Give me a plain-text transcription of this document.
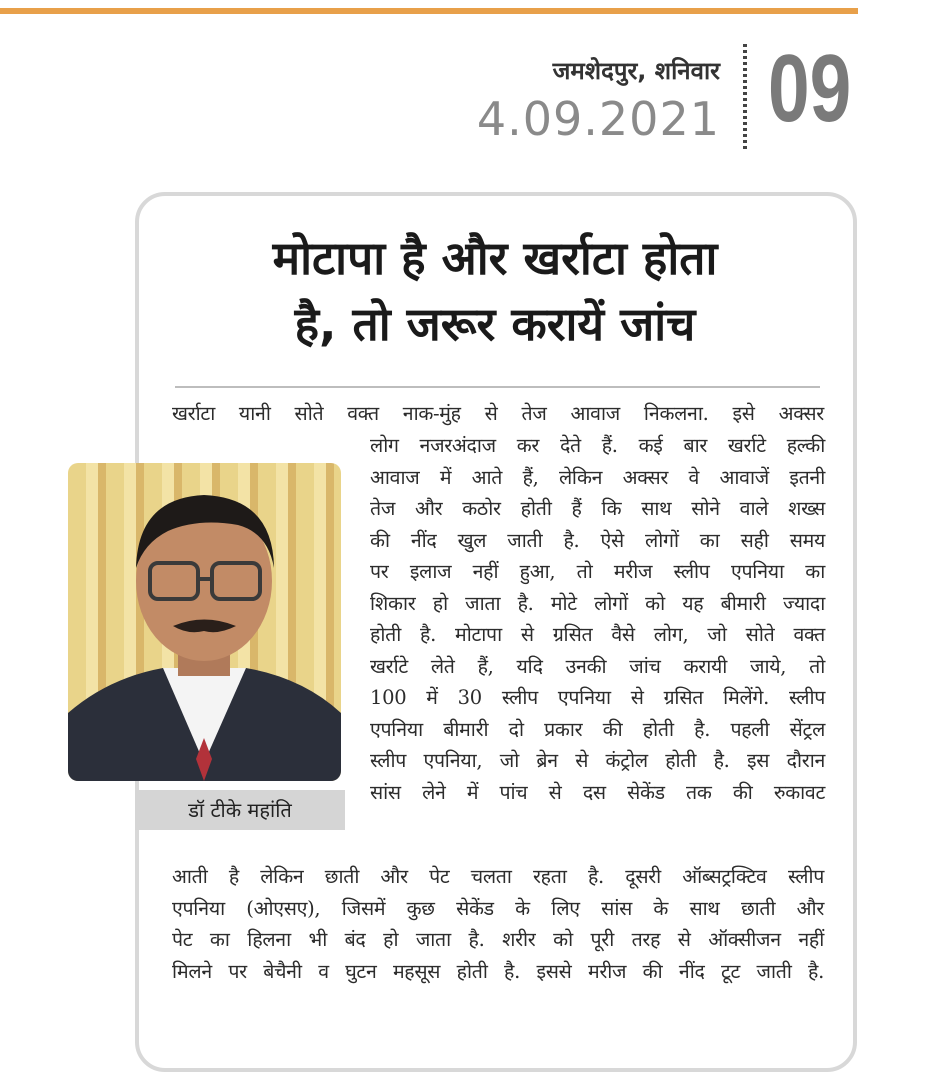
जमशेदपुर, शनिवार
4.09.2021 09
मोटापा है और खर्राटा होता
है, तो जरूर करायें जांच
खर्राटा यानी सोते वक्त नाक-मुंह से तेज आवाज निकलना. इसे अक्सर
लोग नजरअंदाज कर देते हैं. कई बार खर्राटे हल्की
आवाज में आते हैं, लेकिन अक्सर वे आवाजें इतनी
तेज और कठोर होती हैं कि साथ सोने वाले शख्स
की नींद खुल जाती है. ऐसे लोगों का सही समय
पर इलाज नहीं हुआ, तो मरीज स्लीप एपनिया का
शिकार हो जाता है. मोटे लोगों को यह बीमारी ज्यादा
होती है. मोटापा से ग्रसित वैसे लोग, जो सोते वक्त
खर्राटे लेते हैं, यदि उनकी जांच करायी जाये, तो
100 में 30 स्लीप एपनिया से ग्रसित मिलेंगे. स्लीप
एपनिया बीमारी दो प्रकार की होती है. पहली सेंट्रल
स्लीप एपनिया, जो ब्रेन से कंट्रोल होती है. इस दौरान
सांस लेने में पांच से दस सेकेंड तक की रुकावट
आती है लेकिन छाती और पेट चलता रहता है. दूसरी ऑब्सट्रक्टिव स्लीप
एपनिया (ओएसए), जिसमें कुछ सेकेंड के लिए सांस के साथ छाती और
पेट का हिलना भी बंद हो जाता है. शरीर को पूरी तरह से ऑक्सीजन नहीं
मिलने पर बेचैनी व घुटन महसूस होती है. इससे मरीज की नींद टूट जाती है.
डॉ टीके महांति
